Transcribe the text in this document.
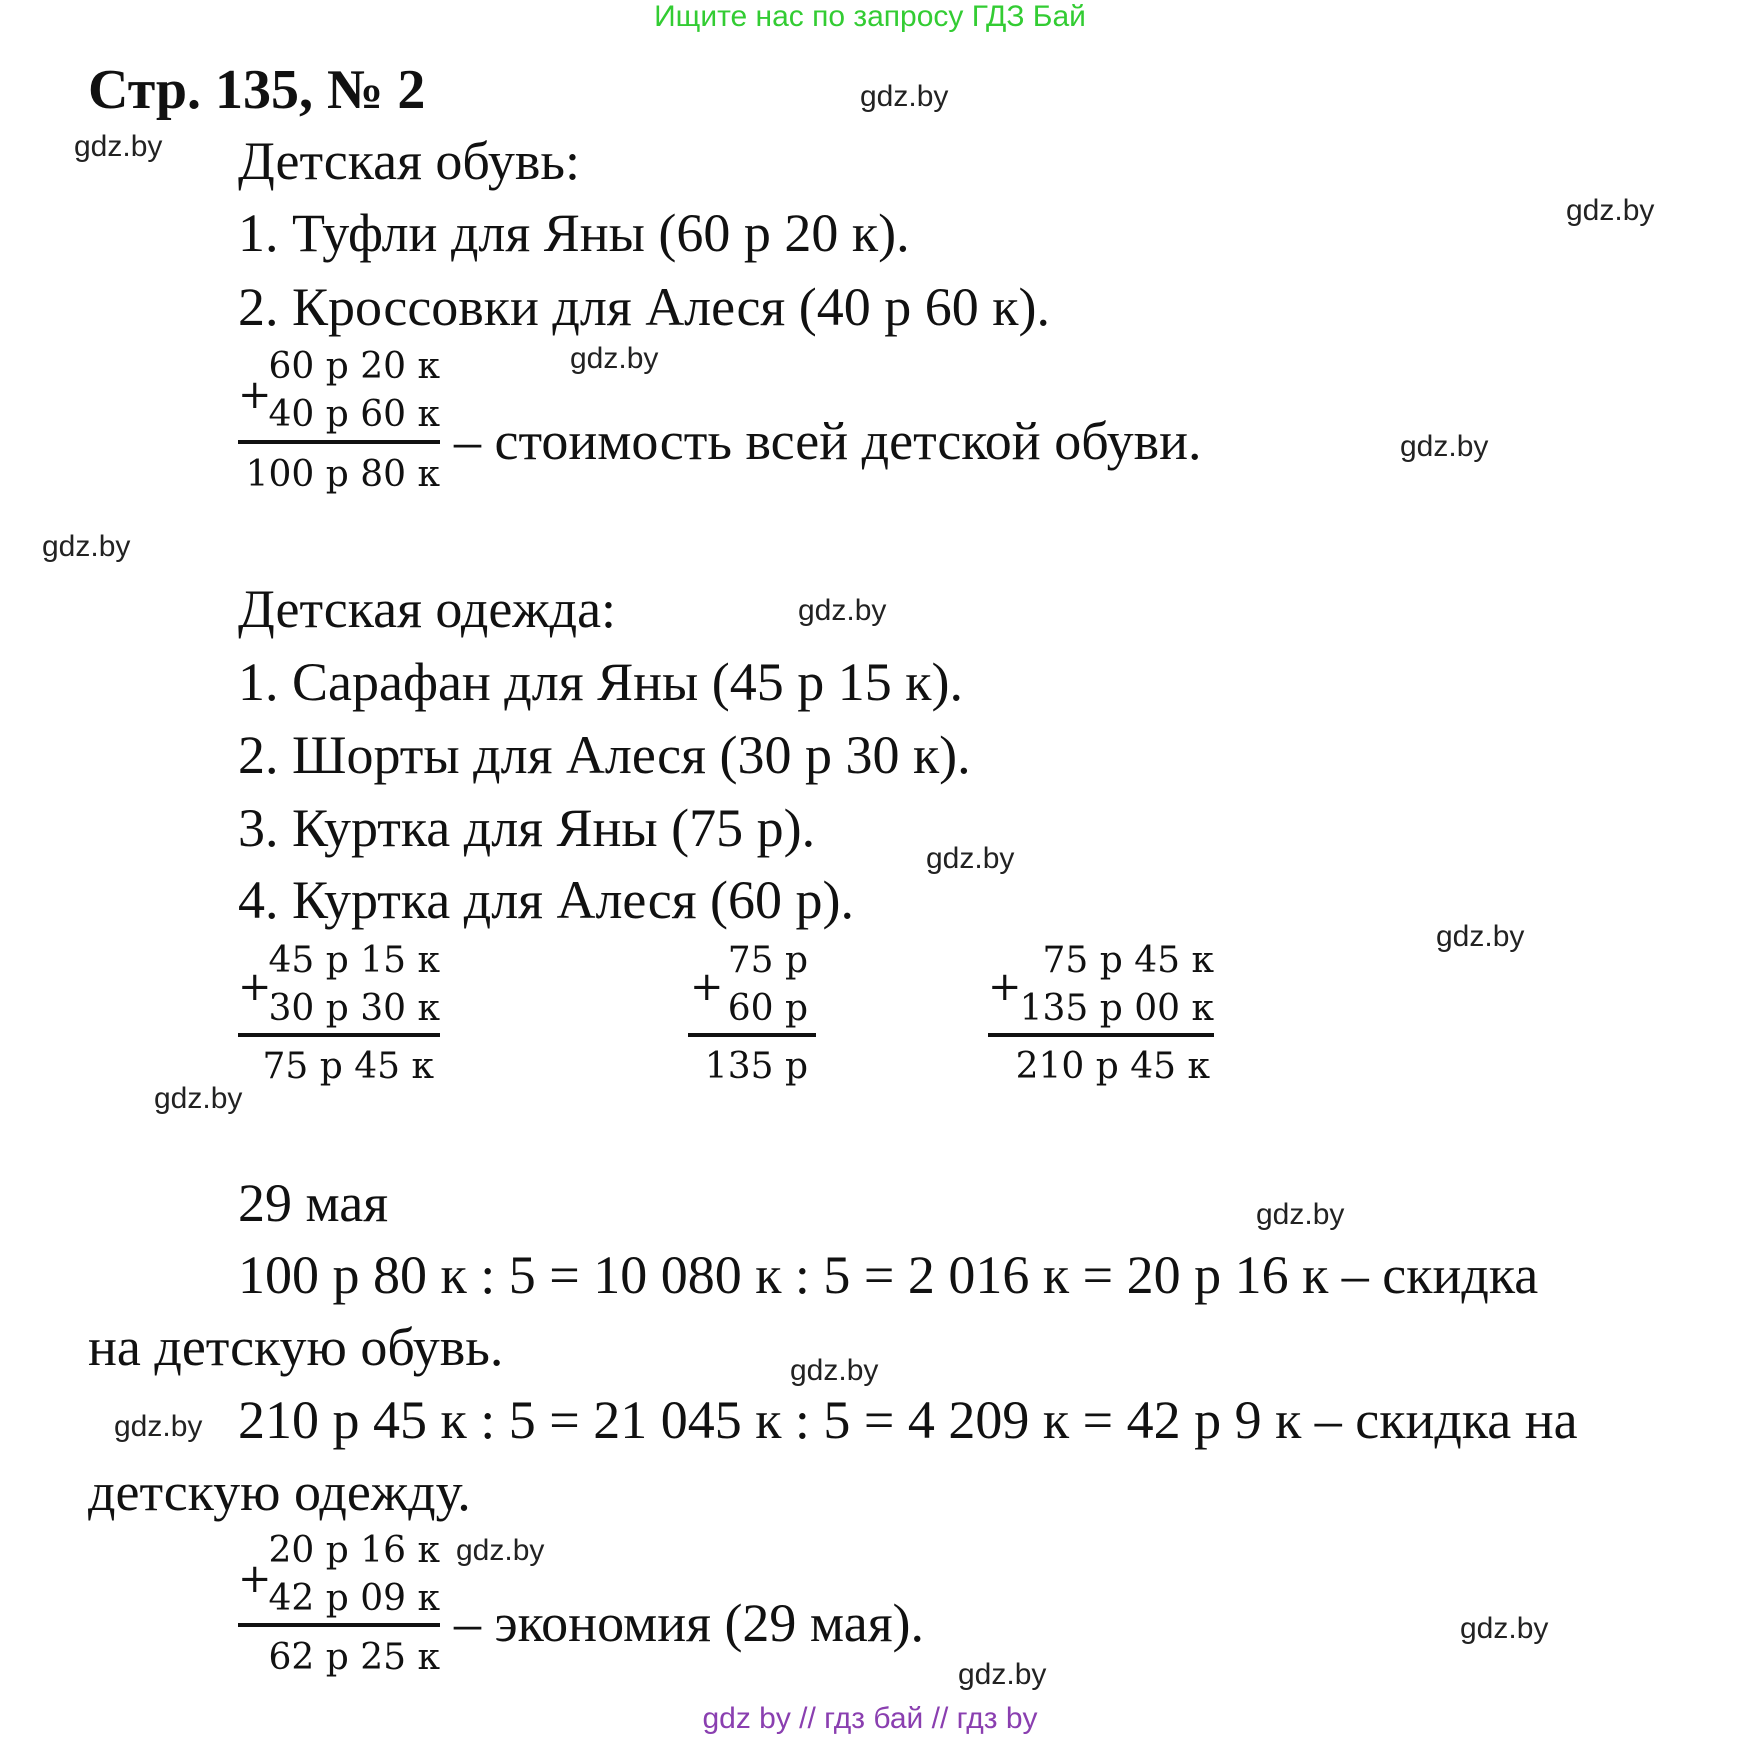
Ищите нас по запросу ГДЗ Бай
Стр. 135, № 2
Детская обувь:
1. Туфли для Яны (60 р 20 к).
2. Кроссовки для Алеся (40 р 60 к).
+
60 р 20 к
40 р 60 к
100 р 80 к
– стоимость всей детской обуви.
Детская одежда:
1. Сарафан для Яны (45 р 15 к).
2. Шорты для Алеся (30 р 30 к).
3. Куртка для Яны (75 р).
4. Куртка для Алеся (60 р).
+
45 р 15 к
30 р 30 к
75 р 45 к
+
75 р
60 р
135 р
+
75 р 45 к
135 р 00 к
210 р 45 к
29 мая
100 р 80 к : 5 = 10 080 к : 5 = 2 016 к = 20 р 16 к – скидка
на детскую обувь.
210 р 45 к : 5 = 21 045 к : 5 = 4 209 к = 42 р 9 к – скидка на
детскую одежду.
+
20 р 16 к
42 р 09 к
62 р 25 к
– экономия (29 мая).
gdz.by
gdz.by
gdz.by
gdz.by
gdz.by
gdz.by
gdz.by
gdz.by
gdz.by
gdz.by
gdz.by
gdz.by
gdz.by
gdz.by
gdz.by
gdz.by
gdz by // гдз бай // гдз by
